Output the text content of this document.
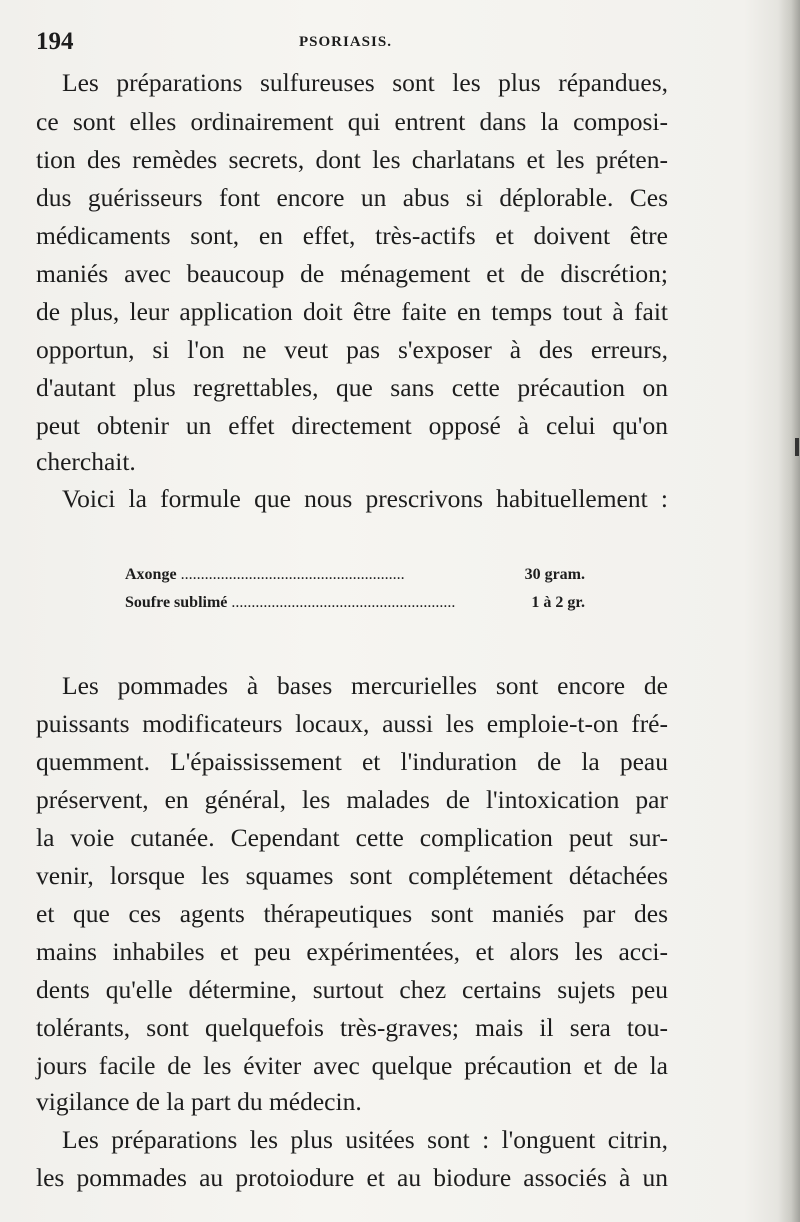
194	PSORIASIS.
Les préparations sulfureuses sont les plus répandues,
ce sont elles ordinairement qui entrent dans la composi-
tion des remèdes secrets, dont les charlatans et les préten-
dus guérisseurs font encore un abus si déplorable. Ces
médicaments sont, en effet, très-actifs et doivent être
maniés avec beaucoup de ménagement et de discrétion;
de plus, leur application doit être faite en temps tout à fait
opportun, si l'on ne veut pas s'exposer à des erreurs,
d'autant plus regrettables, que sans cette précaution on
peut obtenir un effet directement opposé à celui qu'on
cherchait.
Voici la formule que nous prescrivons habituellement :
Axonge .....	30 gram.
Soufre sublimé .....	1 à 2 gr.
Les pommades à bases mercurielles sont encore de
puissants modificateurs locaux, aussi les emploie-t-on fré-
quemment. L'épaississement et l'induration de la peau
préservent, en général, les malades de l'intoxication par
la voie cutanée. Cependant cette complication peut sur-
venir, lorsque les squames sont complétement détachées
et que ces agents thérapeutiques sont maniés par des
mains inhabiles et peu expérimentées, et alors les acci-
dents qu'elle détermine, surtout chez certains sujets peu
tolérants, sont quelquefois très-graves; mais il sera tou-
jours facile de les éviter avec quelque précaution et de la
vigilance de la part du médecin.
Les préparations les plus usitées sont : l'onguent citrin,
les pommades au protoiodure et au biodure associés à un
